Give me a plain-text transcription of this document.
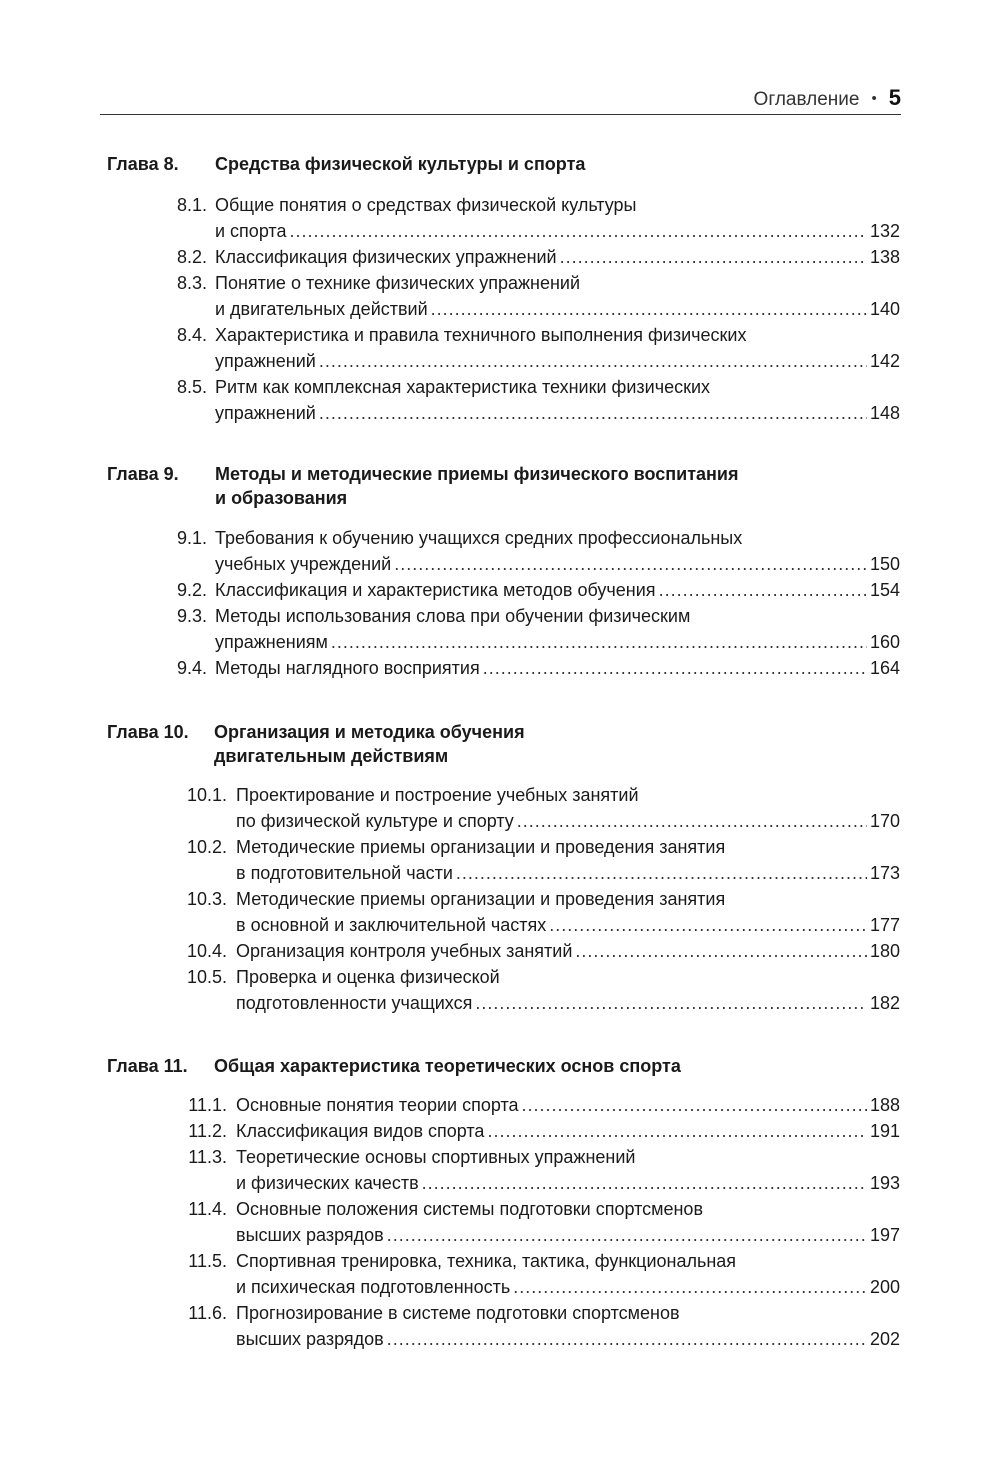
Оглавление • 5
Глава 8. Средства физической культуры и спорта
8.1. Общие понятия о средствах физической культуры
и спорта .....	132
8.2. Классификация физических упражнений .....	138
8.3. Понятие о технике физических упражнений
и двигательных действий .....	140
8.4. Характеристика и правила техничного выполнения физических
упражнений .....	142
8.5. Ритм как комплексная характеристика техники физических
упражнений .....	148
Глава 9. Методы и методические приемы физического воспитания
и образования
9.1. Требования к обучению учащихся средних профессиональных
учебных учреждений .....	150
9.2. Классификация и характеристика методов обучения .....	154
9.3. Методы использования слова при обучении физическим
упражнениям .....	160
9.4. Методы наглядного восприятия .....	164
Глава 10. Организация и методика обучения
двигательным действиям
10.1. Проектирование и построение учебных занятий
по физической культуре и спорту .....	170
10.2. Методические приемы организации и проведения занятия
в подготовительной части .....	173
10.3. Методические приемы организации и проведения занятия
в основной и заключительной частях .....	177
10.4. Организация контроля учебных занятий .....	180
10.5. Проверка и оценка физической
подготовленности учащихся .....	182
Глава 11. Общая характеристика теоретических основ спорта
11.1. Основные понятия теории спорта .....	188
11.2. Классификация видов спорта .....	191
11.3. Теоретические основы спортивных упражнений
и физических качеств .....	193
11.4. Основные положения системы подготовки спортсменов
высших разрядов .....	197
11.5. Спортивная тренировка, техника, тактика, функциональная
и психическая подготовленность .....	200
11.6. Прогнозирование в системе подготовки спортсменов
высших разрядов .....	202
